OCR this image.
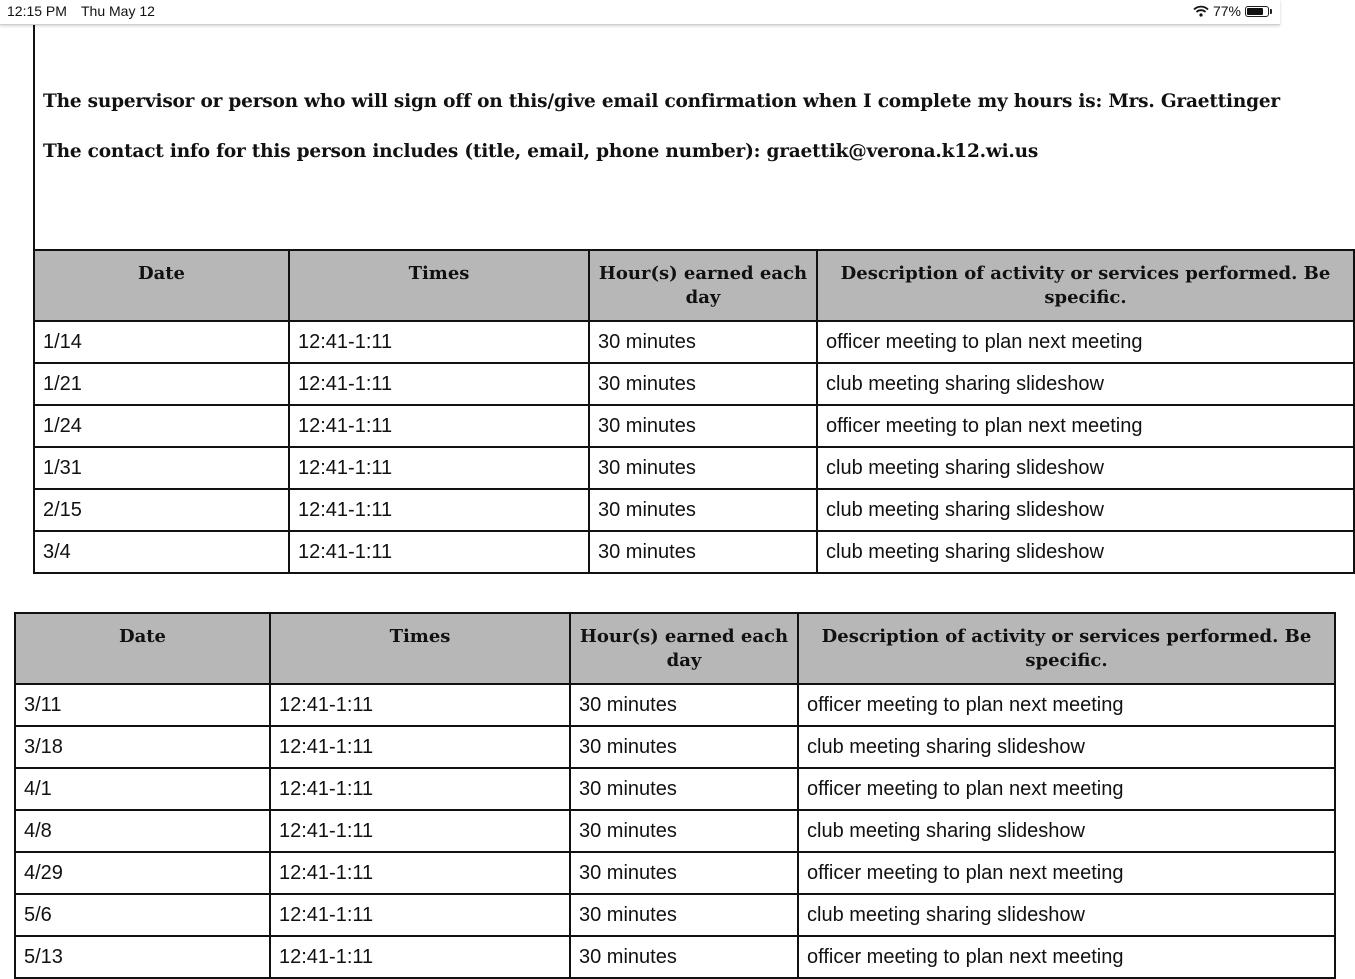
12:15 PM Thu May 12	77%
The supervisor or person who will sign off on this/give email confirmation when I complete my hours is: Mrs. Graettinger
The contact info for this person includes (title, email, phone number): graettik@verona.k12.wi.us
Date	Times	Hour(s) earned each day	Description of activity or services performed. Be specific.
1/14	12:41-1:11	30 minutes	officer meeting to plan next meeting
1/21	12:41-1:11	30 minutes	club meeting sharing slideshow
1/24	12:41-1:11	30 minutes	officer meeting to plan next meeting
1/31	12:41-1:11	30 minutes	club meeting sharing slideshow
2/15	12:41-1:11	30 minutes	club meeting sharing slideshow
3/4	12:41-1:11	30 minutes	club meeting sharing slideshow
Date	Times	Hour(s) earned each day	Description of activity or services performed. Be specific.
3/11	12:41-1:11	30 minutes	officer meeting to plan next meeting
3/18	12:41-1:11	30 minutes	club meeting sharing slideshow
4/1	12:41-1:11	30 minutes	officer meeting to plan next meeting
4/8	12:41-1:11	30 minutes	club meeting sharing slideshow
4/29	12:41-1:11	30 minutes	officer meeting to plan next meeting
5/6	12:41-1:11	30 minutes	club meeting sharing slideshow
5/13	12:41-1:11	30 minutes	officer meeting to plan next meeting
